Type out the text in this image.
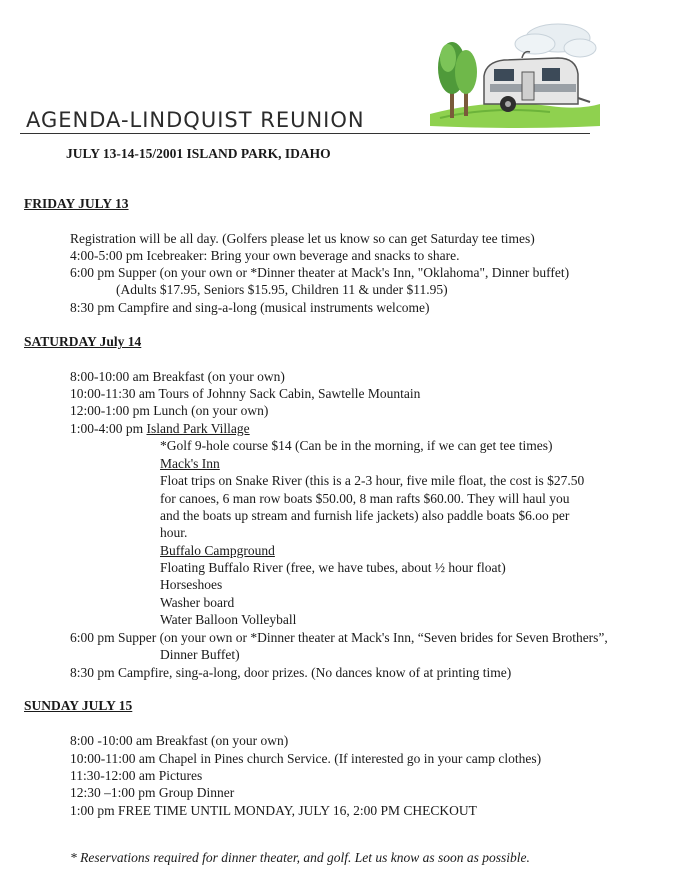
AGENDA-LINDQUIST REUNION
JULY 13-14-15/2001 ISLAND PARK, IDAHO
FRIDAY JULY 13

Registration will be all day. (Golfers please let us know so can get Saturday tee times)

4:00-5:00 pm Icebreaker: Bring your own beverage and snacks to share.

6:00 pm Supper (on your own or *Dinner theater at Mack's Inn, "Oklahoma", Dinner buffet)

(Adults $17.95, Seniors $15.95, Children 11 & under $11.95)

8:30 pm Campfire and sing-a-long (musical instruments welcome)

SATURDAY July 14

8:00-10:00 am Breakfast (on your own)

10:00-11:30 am Tours of Johnny Sack Cabin, Sawtelle Mountain

12:00-1:00 pm Lunch (on your own)

1:00-4:00 pm Island Park Village

*Golf 9-hole course $14 (Can be in the morning, if we can get tee times)

Mack's Inn

Float trips on Snake River (this is a 2-3 hour, five mile float, the cost is $27.50

for canoes, 6 man row boats $50.00, 8 man rafts $60.00. They will haul you

and the boats up stream and furnish life jackets) also paddle boats $6.oo per

hour.

Buffalo Campground

Floating Buffalo River (free, we have tubes, about ½ hour float)

Horseshoes

Washer board

Water Balloon Volleyball

6:00 pm Supper (on your own or *Dinner theater at Mack's Inn, “Seven brides for Seven Brothers”,

Dinner Buffet)

8:30 pm Campfire, sing-a-long, door prizes. (No dances know of at printing time)

SUNDAY JULY 15

8:00 -10:00 am Breakfast (on your own)

10:00-11:00 am Chapel in Pines church Service. (If interested go in your camp clothes)

11:30-12:00 am Pictures

12:30 –1:00 pm Group Dinner

1:00 pm FREE TIME UNTIL MONDAY, JULY 16, 2:00 PM CHECKOUT

* Reservations required for dinner theater, and golf. Let us know as soon as possible.
